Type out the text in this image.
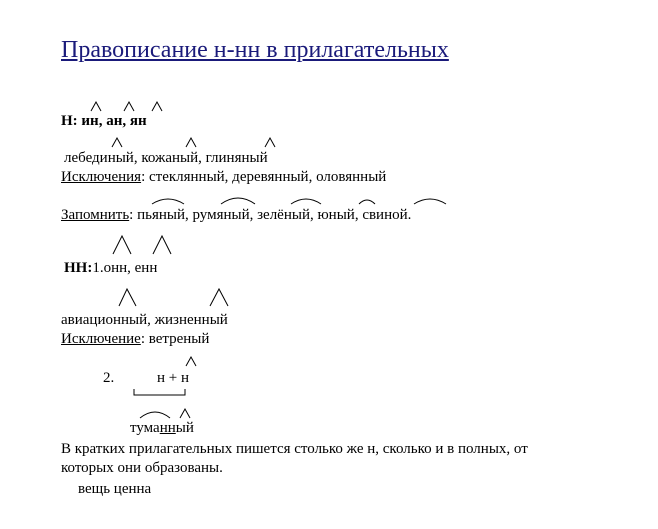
Правописание н-нн в прилагательных
Н: ин, ан, ян
лебединый, кожаный, глиняный
Исключения: стеклянный, деревянный, оловянный
Запомнить: пьяный, румяный, зелёный, юный, свиной.
НН:1.онн, енн
авиационный, жизненный
Исключение: ветреный
2.	н + н
туманный
В кратких прилагательных пишется столько же н, сколько и в полных, от
которых они образованы.
вещь ценна
